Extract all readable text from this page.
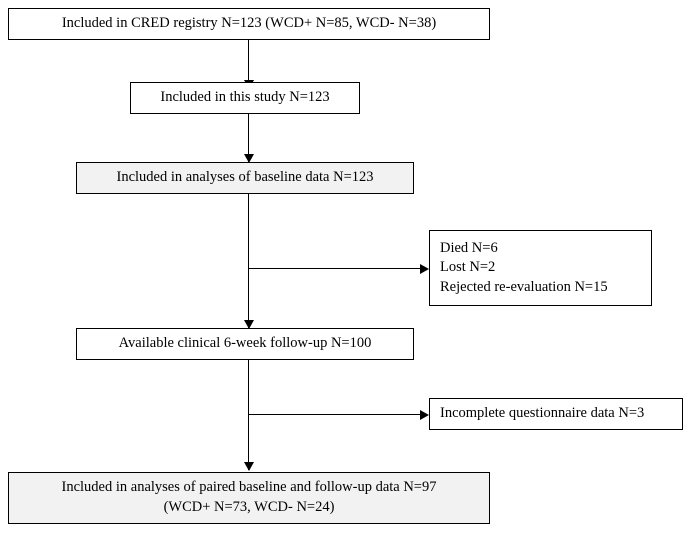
Included in CRED registry N=123 (WCD+ N=85, WCD- N=38)
Included in this study N=123
Included in analyses of baseline data N=123
Died N=6
Lost N=2
Rejected re-evaluation N=15
Available clinical 6-week follow-up N=100
Incomplete questionnaire data N=3
Included in analyses of paired baseline and follow-up data N=97
(WCD+ N=73, WCD- N=24)
